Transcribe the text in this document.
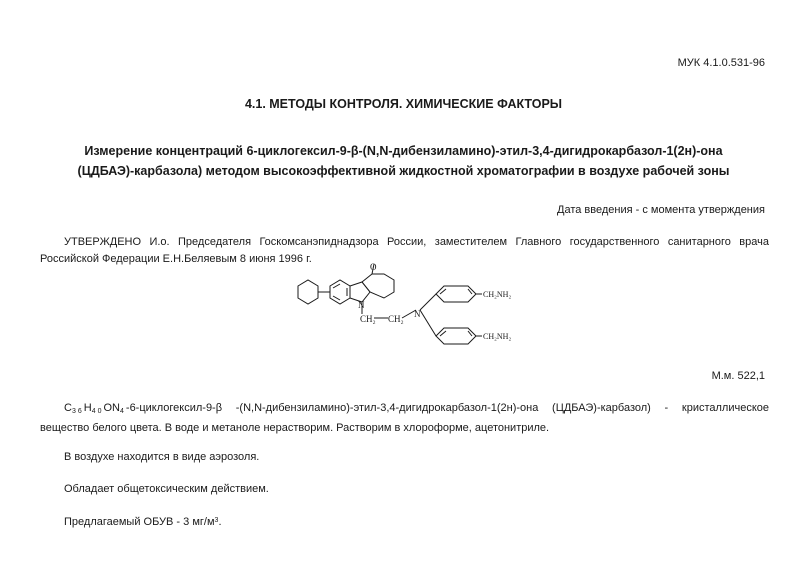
МУК 4.1.0.531-96
4.1. МЕТОДЫ КОНТРОЛЯ. ХИМИЧЕСКИЕ ФАКТОРЫ
Измерение концентраций 6-циклогексил-9-β-(N,N-дибензиламино)-этил-3,4-дигидрокарбазол-1(2н)-она
(ЦДБАЭ)-карбазола) методом высокоэффективной жидкостной хроматографии в воздухе рабочей зоны
Дата введения - с момента утверждения
УТВЕРЖДЕНО И.о. Председателя Госкомсанэпиднадзора России, заместителем Главного государственного санитарного врача Российской Федерации Е.Н.Беляевым 8 июня 1996 г.
O
N
CH₂ CH₂ N
CH₂NH₂
CH₂NH₂
М.м. 522,1
$C_{36}H_{40}ON_4-6-циклогексил-9-\beta$ -(N,N-дибензиламино)-этил-3,4-дигидрокарбазол-1(2н)-она (ЦДБАЭ)-карбазол) - кристаллическое вещество белого цвета. В воде и метаноле нерастворим. Растворим в хлороформе, ацетонитриле.
В воздухе находится в виде аэрозоля.
Обладает общетоксическим действием.
Предлагаемый ОБУВ - 3 $мг/м^3$.
